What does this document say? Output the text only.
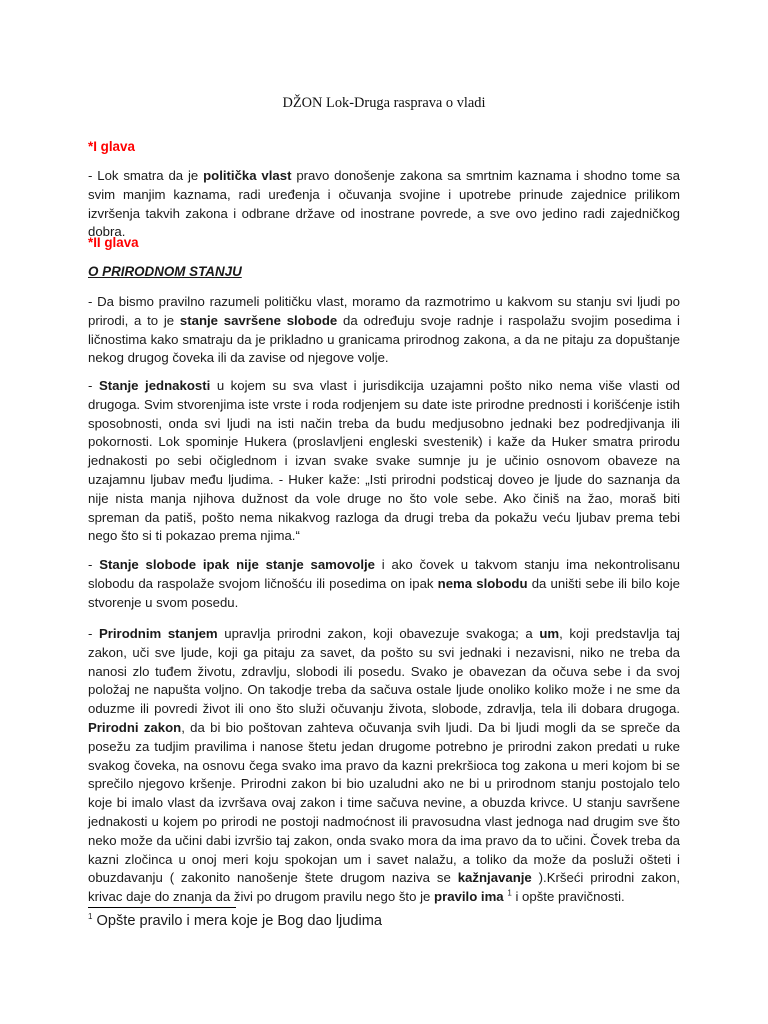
DŽON Lok-Druga rasprava o vladi
*I glava

- Lok smatra da je politička vlast pravo donošenje zakona sa smrtnim kaznama i shodno tome sa svim manjim kaznama, radi uređenja i očuvanja svojine i upotrebe prinude zajednice prilikom izvršenja takvih zakona i odbrane države od inostrane povrede, a sve ovo jedino radi zajedničkog dobra.

*II glava
O PRIRODNOM STANJU

- Da bismo pravilno razumeli političku vlast, moramo da razmotrimo u kakvom su stanju svi ljudi po prirodi, a to je stanje savršene slobode da određuju svoje radnje i raspolažu svojim posedima i ličnostima kako smatraju da je prikladno u granicama prirodnog zakona, a da ne pitaju za dopuštanje nekog drugog čoveka ili da zavise od njegove volje.

- Stanje jednakosti u kojem su sva vlast i jurisdikcija uzajamni pošto niko nema više vlasti od drugoga. Svim stvorenjima iste vrste i roda rodjenjem su date iste prirodne prednosti i korišćenje istih sposobnosti, onda svi ljudi na isti način treba da budu medjusobno jednaki bez podredjivanja ili pokornosti. Lok spominje Hukera (proslavljeni engleski svestenik) i kaže da Huker smatra prirodu jednakosti po sebi očiglednom i izvan svake svake sumnje ju je učinio osnovom obaveze na uzajamnu ljubav među ljudima. - Huker kaže: „Isti prirodni podsticaj doveo je ljude do saznanja da nije nista manja njihova dužnost da vole druge no što vole sebe. Ako činiš na žao, moraš biti spreman da patiš, pošto nema nikakvog razloga da drugi treba da pokažu veću ljubav prema tebi nego što si ti pokazao prema njima.“

- Stanje slobode ipak nije stanje samovolje i ako čovek u takvom stanju ima nekontrolisanu slobodu da raspolaže svojom ličnošću ili posedima on ipak nema slobodu da uništi sebe ili bilo koje stvorenje u svom posedu.

- Prirodnim stanjem upravlja prirodni zakon, koji obavezuje svakoga; a um, koji predstavlja taj zakon, uči sve ljude, koji ga pitaju za savet, da pošto su svi jednaki i nezavisni, niko ne treba da nanosi zlo tuđem životu, zdravlju, slobodi ili posedu. Svako je obavezan da očuva sebe i da svoj položaj ne napušta voljno. On takodje treba da sačuva ostale ljude onoliko koliko može i ne sme da oduzme ili povredi život ili ono što služi očuvanju života, slobode, zdravlja, tela ili dobara drugoga. Prirodni zakon, da bi bio poštovan zahteva očuvanja svih ljudi. Da bi ljudi mogli da se spreče da posežu za tudjim pravilima i nanose štetu jedan drugome potrebno je prirodni zakon predati u ruke svakog čoveka, na osnovu čega svako ima pravo da kazni prekršioca tog zakona u meri kojom bi se sprečilo njegovo kršenje. Prirodni zakon bi bio uzaludni ako ne bi u prirodnom stanju postojalo telo koje bi imalo vlast da izvršava ovaj zakon i time sačuva nevine, a obuzda krivce. U stanju savršene jednakosti u kojem po prirodi ne postoji nadmoćnost ili pravosudna vlast jednoga nad drugim sve što neko može da učini dabi izvršio taj zakon, onda svako mora da ima pravo da to učini. Čovek treba da kazni zločinca u onoj meri koju spokojan um i savet nalažu, a toliko da može da posluži ošteti i obuzdavanju ( zakonito nanošenje štete drugom naziva se kažnjavanje ).Kršeći prirodni zakon, krivac daje do znanja da živi po drugom pravilu nego što je pravilo ima $^1$ i opšte pravičnosti.

$^1$ Opšte pravilo i mera koje je Bog dao ljudima
